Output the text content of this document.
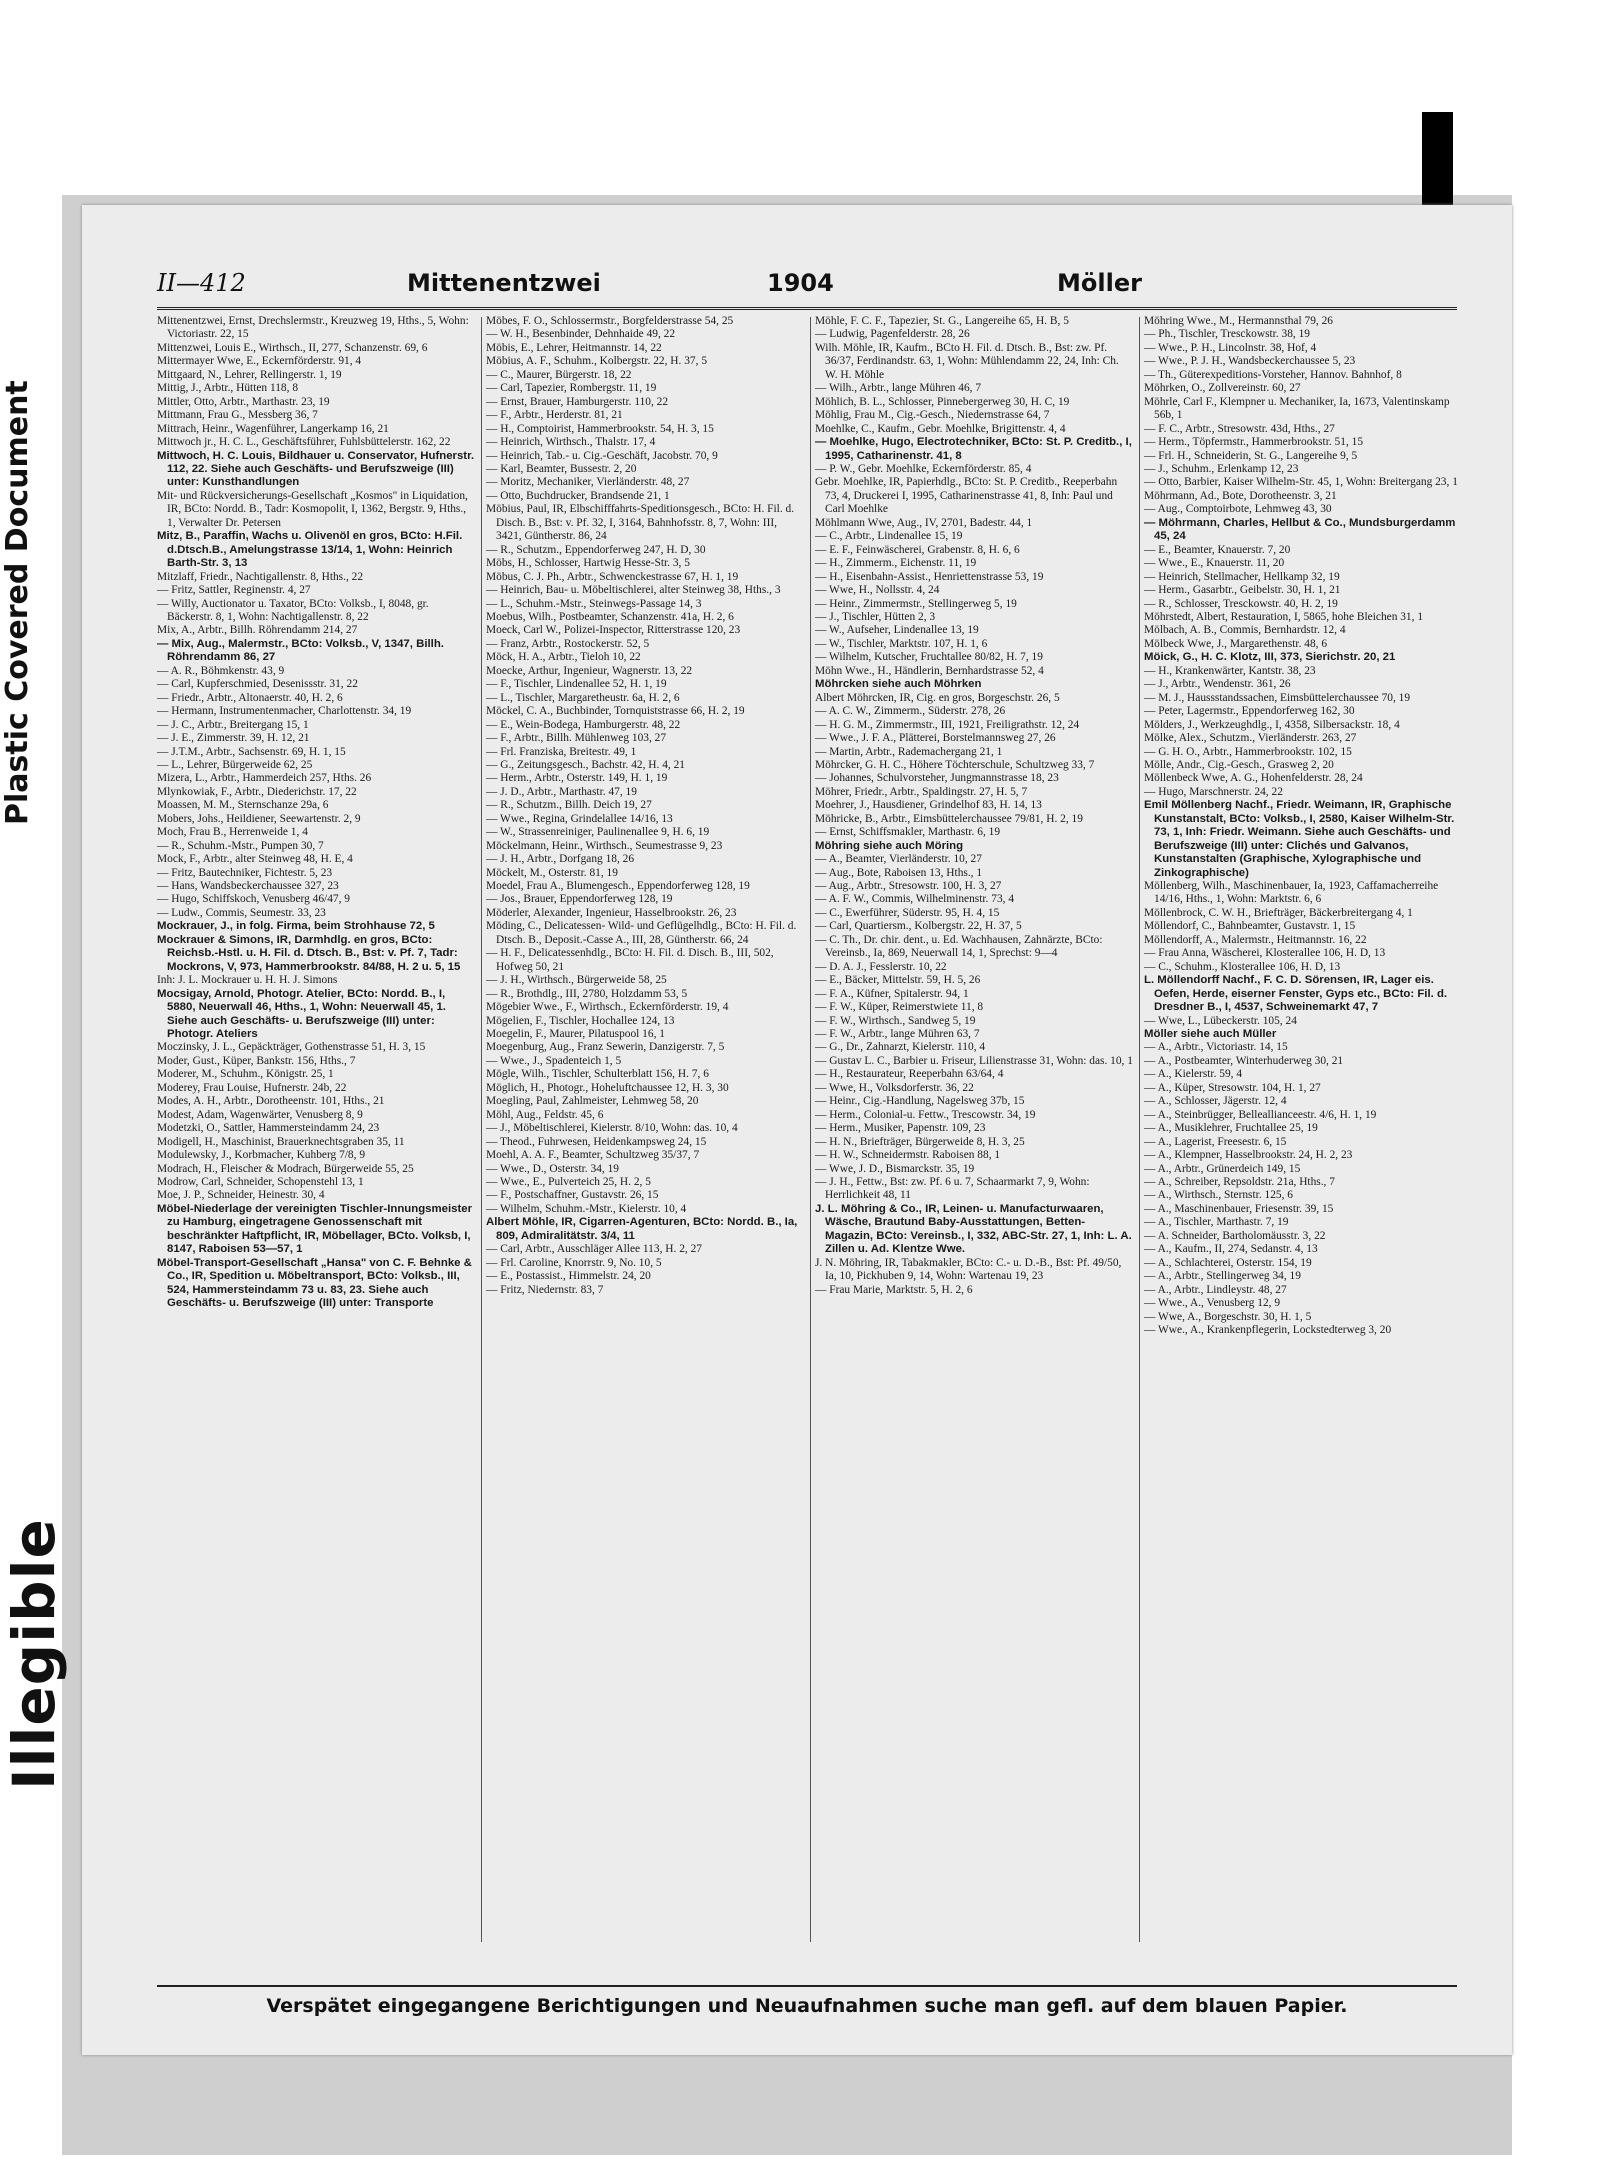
Plastic Covered Document
Illegible
II—412	Mittenentzwei	1904	Möller

Mittenentzwei, Ernst, Drechslermstr., Kreuzweg 19, Hths., 5, Wohn: Victoriastr. 22, 15

Mittenzwei, Louis E., Wirthsch., II, 277, Schanzenstr. 69, 6

Mittermayer Wwe, E., Eckernförderstr. 91, 4

Mittgaard, N., Lehrer, Rellingerstr. 1, 19

Mittig, J., Arbtr., Hütten 118, 8

Mittler, Otto, Arbtr., Marthastr. 23, 19

Mittmann, Frau G., Messberg 36, 7

Mittrach, Heinr., Wagenführer, Langerkamp 16, 21

Mittwoch jr., H. C. L., Geschäftsführer, Fuhlsbüttelerstr. 162, 22

Mittwoch, H. C. Louis, Bildhauer u. Conservator, Hufnerstr. 112, 22. Siehe auch Geschäfts- und Berufszweige (III) unter: Kunsthandlungen

Mit- und Rückversicherungs-Gesellschaft „Kosmos" in Liquidation, IR, BCto: Nordd. B., Tadr: Kosmopolit, I, 1362, Bergstr. 9, Hths., 1, Verwalter Dr. Petersen

Mitz, B., Paraffin, Wachs u. Olivenöl en gros, BCto: H.Fil. d.Dtsch.B., Amelungstrasse 13/14, 1, Wohn: Heinrich Barth-Str. 3, 13

Mitzlaff, Friedr., Nachtigallenstr. 8, Hths., 22

— Fritz, Sattler, Reginenstr. 4, 27

— Willy, Auctionator u. Taxator, BCto: Volksb., I, 8048, gr. Bäckerstr. 8, 1, Wohn: Nachtigallenstr. 8, 22

Mix, A., Arbtr., Billh. Röhrendamm 214, 27

— Mix, Aug., Malermstr., BCto: Volksb., V, 1347, Billh. Röhrendamm 86, 27

— A. R., Böhmkenstr. 43, 9

— Carl, Kupferschmied, Desenissstr. 31, 22

— Friedr., Arbtr., Altonaerstr. 40, H. 2, 6

— Hermann, Instrumentenmacher, Charlottenstr. 34, 19

— J. C., Arbtr., Breitergang 15, 1

— J. E., Zimmerstr. 39, H. 12, 21

— J.T.M., Arbtr., Sachsenstr. 69, H. 1, 15

— L., Lehrer, Bürgerweide 62, 25

Mizera, L., Arbtr., Hammerdeich 257, Hths. 26

Mlynkowiak, F., Arbtr., Diederichstr. 17, 22

Moassen, M. M., Sternschanze 29a, 6

Mobers, Johs., Heildiener, Seewartenstr. 2, 9

Moch, Frau B., Herrenweide 1, 4

— R., Schuhm.-Mstr., Pumpen 30, 7

Mock, F., Arbtr., alter Steinweg 48, H. E, 4

— Fritz, Bautechniker, Fichtestr. 5, 23

— Hans, Wandsbeckerchaussee 327, 23

— Hugo, Schiffskoch, Venusberg 46/47, 9

— Ludw., Commis, Seumestr. 33, 23

Mockrauer, J., in folg. Firma, beim Strohhause 72, 5

Mockrauer & Simons, IR, Darmhdlg. en gros, BCto: Reichsb.-Hstl. u. H. Fil. d. Dtsch. B., Bst: v. Pf. 7, Tadr: Mockrons, V, 973, Hammerbrookstr. 84/88, H. 2 u. 5, 15

Inh: J. L. Mockrauer u. H. H. J. Simons

Mocsigay, Arnold, Photogr. Atelier, BCto: Nordd. B., I, 5880, Neuerwall 46, Hths., 1, Wohn: Neuerwall 45, 1. Siehe auch Geschäfts- u. Berufszweige (III) unter: Photogr. Ateliers

Moczinsky, J. L., Gepäckträger, Gothenstrasse 51, H. 3, 15

Moder, Gust., Küper, Bankstr. 156, Hths., 7

Moderer, M., Schuhm., Königstr. 25, 1

Moderey, Frau Louise, Hufnerstr. 24b, 22

Modes, A. H., Arbtr., Dorotheenstr. 101, Hths., 21

Modest, Adam, Wagenwärter, Venusberg 8, 9

Modetzki, O., Sattler, Hammersteindamm 24, 23

Modigell, H., Maschinist, Brauerknechtsgraben 35, 11

Modulewsky, J., Korbmacher, Kuhberg 7/8, 9

Modrach, H., Fleischer & Modrach, Bürgerweide 55, 25

Modrow, Carl, Schneider, Schopenstehl 13, 1

Moe, J. P., Schneider, Heinestr. 30, 4

Möbel-Niederlage der vereinigten Tischler-Innungsmeister zu Hamburg, eingetragene Genossenschaft mit beschränkter Haftpflicht, IR, Möbellager, BCto. Volksb, I, 8147, Raboisen 53—57, 1

Möbel-Transport-Gesellschaft „Hansa" von C. F. Behnke & Co., IR, Spedition u. Möbeltransport, BCto: Volksb., III, 524, Hammersteindamm 73 u. 83, 23. Siehe auch Geschäfts- u. Berufszweige (III) unter: Transporte

Möbes, F. O., Schlossermstr., Borgfelderstrasse 54, 25

— W. H., Besenbinder, Dehnhaide 49, 22

Möbis, E., Lehrer, Heitmannstr. 14, 22

Möbius, A. F., Schuhm., Kolbergstr. 22, H. 37, 5

— C., Maurer, Bürgerstr. 18, 22

— Carl, Tapezier, Rombergstr. 11, 19

— Ernst, Brauer, Hamburgerstr. 110, 22

— F., Arbtr., Herderstr. 81, 21

— H., Comptoirist, Hammerbrookstr. 54, H. 3, 15

— Heinrich, Wirthsch., Thalstr. 17, 4

— Heinrich, Tab.- u. Cig.-Geschäft, Jacobstr. 70, 9

— Karl, Beamter, Bussestr. 2, 20

— Moritz, Mechaniker, Vierländerstr. 48, 27

— Otto, Buchdrucker, Brandsende 21, 1

Möbius, Paul, IR, Elbschifffahrts-Speditionsgesch., BCto: H. Fil. d. Disch. B., Bst: v. Pf. 32, I, 3164, Bahnhofsstr. 8, 7, Wohn: III, 3421, Güntherstr. 86, 24

— R., Schutzm., Eppendorferweg 247, H. D, 30

Möbs, H., Schlosser, Hartwig Hesse-Str. 3, 5

Möbus, C. J. Ph., Arbtr., Schwenckestrasse 67, H. 1, 19

— Heinrich, Bau- u. Möbeltischlerei, alter Steinweg 38, Hths., 3

— L., Schuhm.-Mstr., Steinwegs-Passage 14, 3

Moebus, Wilh., Postbeamter, Schanzenstr. 41a, H. 2, 6

Moeck, Carl W., Polizei-Inspector, Ritterstrasse 120, 23

— Franz, Arbtr., Rostockerstr. 52, 5

Möck, H. A., Arbtr., Tieloh 10, 22

Moecke, Arthur, Ingenieur, Wagnerstr. 13, 22

— F., Tischler, Lindenallee 52, H. 1, 19

— L., Tischler, Margaretheustr. 6a, H. 2, 6

Möckel, C. A., Buchbinder, Tornquiststrasse 66, H. 2, 19

— E., Wein-Bodega, Hamburgerstr. 48, 22

— F., Arbtr., Billh. Mühlenweg 103, 27

— Frl. Franziska, Breitestr. 49, 1

— G., Zeitungsgesch., Bachstr. 42, H. 4, 21

— Herm., Arbtr., Osterstr. 149, H. 1, 19

— J. D., Arbtr., Marthastr. 47, 19

— R., Schutzm., Billh. Deich 19, 27

— Wwe., Regina, Grindelallee 14/16, 13

— W., Strassenreiniger, Paulinenallee 9, H. 6, 19

Möckelmann, Heinr., Wirthsch., Seumestrasse 9, 23

— J. H., Arbtr., Dorfgang 18, 26

Möckelt, M., Osterstr. 81, 19

Moedel, Frau A., Blumengesch., Eppendorferweg 128, 19

— Jos., Brauer, Eppendorferweg 128, 19

Möderler, Alexander, Ingenieur, Hasselbrookstr. 26, 23

Möding, C., Delicatessen- Wild- und Geflügelhdlg., BCto: H. Fil. d. Dtsch. B., Deposit.-Casse A., III, 28, Güntherstr. 66, 24

— H. F., Delicatessenhdlg., BCto: H. Fil. d. Disch. B., III, 502, Hofweg 50, 21

— J. H., Wirthsch., Bürgerweide 58, 25

— R., Brothdlg., III, 2780, Holzdamm 53, 5

Mögebier Wwe., F., Wirthsch., Eckernförderstr. 19, 4

Mögelien, F., Tischler, Hochallee 124, 13

Moegelin, F., Maurer, Pilatuspool 16, 1

Moegenburg, Aug., Franz Sewerin, Danzigerstr. 7, 5

— Wwe., J., Spadenteich 1, 5

Mögle, Wilh., Tischler, Schulterblatt 156, H. 7, 6

Möglich, H., Photogr., Hoheluftchaussee 12, H. 3, 30

Moegling, Paul, Zahlmeister, Lehmweg 58, 20

Möhl, Aug., Feldstr. 45, 6

— J., Möbeltischlerei, Kielerstr. 8/10, Wohn: das. 10, 4

— Theod., Fuhrwesen, Heidenkampsweg 24, 15

Moehl, A. A. F., Beamter, Schultzweg 35/37, 7

— Wwe., D., Osterstr. 34, 19

— Wwe., E., Pulverteich 25, H. 2, 5

— F., Postschaffner, Gustavstr. 26, 15

— Wilhelm, Schuhm.-Mstr., Kielerstr. 10, 4

Albert Möhle, IR, Cigarren-Agenturen, BCto: Nordd. B., Ia, 809, Admiralitätstr. 3/4, 11

— Carl, Arbtr., Ausschläger Allee 113, H. 2, 27

— Frl. Caroline, Knorrstr. 9, No. 10, 5

— E., Postassist., Himmelstr. 24, 20

— Fritz, Niedernstr. 83, 7

Möhle, F. C. F., Tapezier, St. G., Langereihe 65, H. B, 5

— Ludwig, Pagenfelderstr. 28, 26

Wilh. Möhle, IR, Kaufm., BCto H. Fil. d. Dtsch. B., Bst: zw. Pf. 36/37, Ferdinandstr. 63, 1, Wohn: Mühlendamm 22, 24, Inh: Ch. W. H. Möhle

— Wilh., Arbtr., lange Mühren 46, 7

Möhlich, B. L., Schlosser, Pinnebergerweg 30, H. C, 19

Möhlig, Frau M., Cig.-Gesch., Niedernstrasse 64, 7

Moehlke, C., Kaufm., Gebr. Moehlke, Brigittenstr. 4, 4

— Moehlke, Hugo, Electrotechniker, BCto: St. P. Creditb., I, 1995, Catharinenstr. 41, 8

— P. W., Gebr. Moehlke, Eckernförderstr. 85, 4

Gebr. Moehlke, IR, Papierhdlg., BCto: St. P. Creditb., Reeperbahn 73, 4, Druckerei I, 1995, Catharinenstrasse 41, 8, Inh: Paul und Carl Moehlke

Möhlmann Wwe, Aug., IV, 2701, Badestr. 44, 1

— C., Arbtr., Lindenallee 15, 19

— E. F., Feinwäscherei, Grabenstr. 8, H. 6, 6

— H., Zimmerm., Eichenstr. 11, 19

— H., Eisenbahn-Assist., Henriettenstrasse 53, 19

— Wwe, H., Nollsstr. 4, 24

— Heinr., Zimmermstr., Stellingerweg 5, 19

— J., Tischler, Hütten 2, 3

— W., Aufseher, Lindenallee 13, 19

— W., Tischler, Marktstr. 107, H. 1, 6

— Wilhelm, Kutscher, Fruchtallee 80/82, H. 7, 19

Möhn Wwe., H., Händlerin, Bernhardstrasse 52, 4

Möhrcken siehe auch Möhrken

Albert Möhrcken, IR, Cig. en gros, Borgeschstr. 26, 5

— A. C. W., Zimmerm., Süderstr. 278, 26

— H. G. M., Zimmermstr., III, 1921, Freiligrathstr. 12, 24

— Wwe., J. F. A., Plätterei, Borstelmannsweg 27, 26

— Martin, Arbtr., Rademachergang 21, 1

Möhrcker, G. H. C., Höhere Töchterschule, Schultzweg 33, 7

— Johannes, Schulvorsteher, Jungmannstrasse 18, 23

Möhrer, Friedr., Arbtr., Spaldingstr. 27, H. 5, 7

Moehrer, J., Hausdiener, Grindelhof 83, H. 14, 13

Möhricke, B., Arbtr., Eimsbüttelerchaussee 79/81, H. 2, 19

— Ernst, Schiffsmakler, Marthastr. 6, 19

Möhring siehe auch Möring

— A., Beamter, Vierländerstr. 10, 27

— Aug., Bote, Raboisen 13, Hths., 1

— Aug., Arbtr., Stresowstr. 100, H. 3, 27

— A. F. W., Commis, Wilhelminenstr. 73, 4

— C., Ewerführer, Süderstr. 95, H. 4, 15

— Carl, Quartiersm., Kolbergstr. 22, H. 37, 5

— C. Th., Dr. chir. dent., u. Ed. Wachhausen, Zahnärzte, BCto: Vereinsb., Ia, 869, Neuerwall 14, 1, Sprechst: 9—4

— D. A. J., Fesslerstr. 10, 22

— E., Bäcker, Mittelstr. 59, H. 5, 26

— F. A., Küfner, Spitalerstr. 94, 1

— F. W., Küper, Reimerstwiete 11, 8

— F. W., Wirthsch., Sandweg 5, 19

— F. W., Arbtr., lange Mühren 63, 7

— G., Dr., Zahnarzt, Kielerstr. 110, 4

— Gustav L. C., Barbier u. Friseur, Lilienstrasse 31, Wohn: das. 10, 1

— H., Restaurateur, Reeperbahn 63/64, 4

— Wwe, H., Volksdorferstr. 36, 22

— Heinr., Cig.-Handlung, Nagelsweg 37b, 15

— Herm., Colonial-u. Fettw., Trescowstr. 34, 19

— Herm., Musiker, Papenstr. 109, 23

— H. N., Briefträger, Bürgerweide 8, H. 3, 25

— H. W., Schneidermstr. Raboisen 88, 1

— Wwe, J. D., Bismarckstr. 35, 19

— J. H., Fettw., Bst: zw. Pf. 6 u. 7, Schaarmarkt 7, 9, Wohn: Herrlichkeit 48, 11

J. L. Möhring & Co., IR, Leinen- u. Manufacturwaaren, Wäsche, Brautund Baby-Ausstattungen, Betten-Magazin, BCto: Vereinsb., I, 332, ABC-Str. 27, 1, Inh: L. A. Zillen u. Ad. Klentze Wwe.

J. N. Möhring, IR, Tabakmakler, BCto: C.- u. D.-B., Bst: Pf. 49/50, Ia, 10, Pickhuben 9, 14, Wohn: Wartenau 19, 23

— Frau Marie, Marktstr. 5, H. 2, 6

Möhring Wwe., M., Hermannsthal 79, 26

— Ph., Tischler, Tresckowstr. 38, 19

— Wwe., P. H., Lincolnstr. 38, Hof, 4

— Wwe., P. J. H., Wandsbeckerchaussee 5, 23

— Th., Güterexpeditions-Vorsteher, Hannov. Bahnhof, 8

Möhrken, O., Zollvereinstr. 60, 27

Möhrle, Carl F., Klempner u. Mechaniker, Ia, 1673, Valentinskamp 56b, 1

— F. C., Arbtr., Stresowstr. 43d, Hths., 27

— Herm., Töpfermstr., Hammerbrookstr. 51, 15

— Frl. H., Schneiderin, St. G., Langereihe 9, 5

— J., Schuhm., Erlenkamp 12, 23

— Otto, Barbier, Kaiser Wilhelm-Str. 45, 1, Wohn: Breitergang 23, 1

Möhrmann, Ad., Bote, Dorotheenstr. 3, 21

— Aug., Comptoirbote, Lehmweg 43, 30

— Möhrmann, Charles, Hellbut & Co., Mundsburgerdamm 45, 24

— E., Beamter, Knauerstr. 7, 20

— Wwe., E., Knauerstr. 11, 20

— Heinrich, Stellmacher, Hellkamp 32, 19

— Herm., Gasarbtr., Geibelstr. 30, H. 1, 21

— R., Schlosser, Tresckowstr. 40, H. 2, 19

Möhrstedt, Albert, Restauration, I, 5865, hohe Bleichen 31, 1

Mölbach, A. B., Commis, Bernhardstr. 12, 4

Mölbeck Wwe, J., Margarethenstr. 48, 6

Möick, G., H. C. Klotz, III, 373, Sierichstr. 20, 21

— H., Krankenwärter, Kantstr. 38, 23

— J., Arbtr., Wendenstr. 361, 26

— M. J., Haussstandssachen, Eimsbüttelerchaussee 70, 19

— Peter, Lagermstr., Eppendorferweg 162, 30

Mölders, J., Werkzeughdlg., I, 4358, Silbersackstr. 18, 4

Mölke, Alex., Schutzm., Vierländerstr. 263, 27

— G. H. O., Arbtr., Hammerbrookstr. 102, 15

Mölle, Andr., Cig.-Gesch., Grasweg 2, 20

Möllenbeck Wwe, A. G., Hohenfelderstr. 28, 24

— Hugo, Marschnerstr. 24, 22

Emil Möllenberg Nachf., Friedr. Weimann, IR, Graphische Kunstanstalt, BCto: Volksb., I, 2580, Kaiser Wilhelm-Str. 73, 1, Inh: Friedr. Weimann. Siehe auch Geschäfts- und Berufszweige (III) unter: Clichés und Galvanos, Kunstanstalten (Graphische, Xylographische und Zinkographische)

Möllenberg, Wilh., Maschinenbauer, Ia, 1923, Caffamacherreihe 14/16, Hths., 1, Wohn: Marktstr. 6, 6

Möllenbrock, C. W. H., Briefträger, Bäckerbreitergang 4, 1

Möllendorf, C., Bahnbeamter, Gustavstr. 1, 15

Möllendorff, A., Malermstr., Heitmannstr. 16, 22

— Frau Anna, Wäscherei, Klosterallee 106, H. D, 13

— C., Schuhm., Klosterallee 106, H. D, 13

L. Möllendorff Nachf., F. C. D. Sörensen, IR, Lager eis. Oefen, Herde, eiserner Fenster, Gyps etc., BCto: Fil. d. Dresdner B., I, 4537, Schweinemarkt 47, 7

— Wwe, L., Lübeckerstr. 105, 24

Möller siehe auch Müller

— A., Arbtr., Victoriastr. 14, 15

— A., Postbeamter, Winterhuderweg 30, 21

— A., Kielerstr. 59, 4

— A., Küper, Stresowstr. 104, H. 1, 27

— A., Schlosser, Jägerstr. 12, 4

— A., Steinbrügger, Belleallianceestr. 4/6, H. 1, 19

— A., Musiklehrer, Fruchtallee 25, 19

— A., Lagerist, Freesestr. 6, 15

— A., Klempner, Hasselbrookstr. 24, H. 2, 23

— A., Arbtr., Grünerdeich 149, 15

— A., Schreiber, Repsoldstr. 21a, Hths., 7

— A., Wirthsch., Sternstr. 125, 6

— A., Maschinenbauer, Friesenstr. 39, 15

— A., Tischler, Marthastr. 7, 19

— A. Schneider, Bartholomäusstr. 3, 22

— A., Kaufm., II, 274, Sedanstr. 4, 13

— A., Schlachterei, Osterstr. 154, 19

— A., Arbtr., Stellingerweg 34, 19

— A., Arbtr., Lindleystr. 48, 27

— Wwe., A., Venusberg 12, 9

— Wwe, A., Borgeschstr. 30, H. 1, 5

— Wwe., A., Krankenpflegerin, Lockstedterweg 3, 20

Verspätet eingegangene Berichtigungen und Neuaufnahmen suche man gefl. auf dem blauen Papier.
